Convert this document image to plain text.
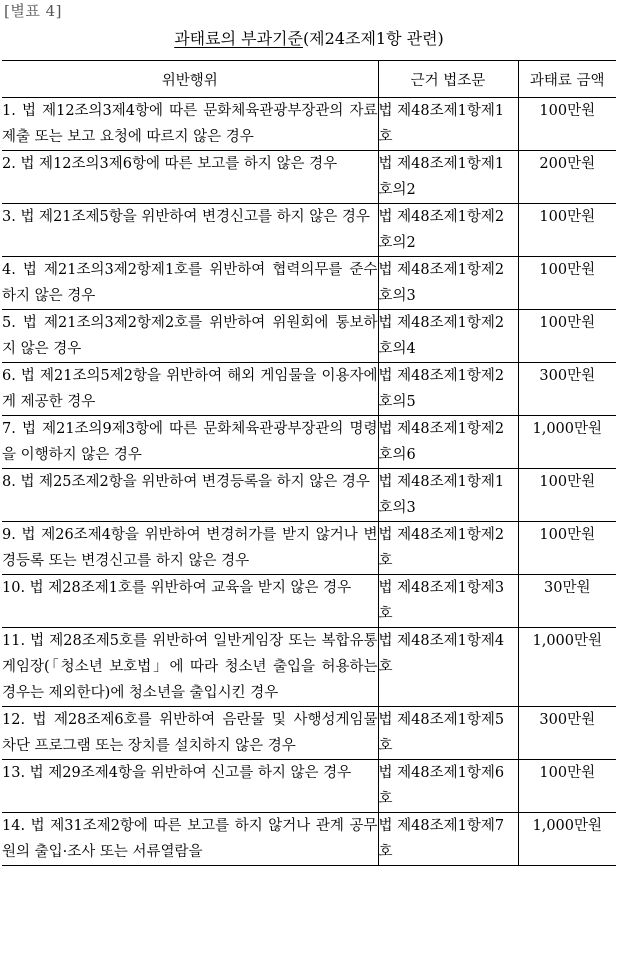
[별표 4]
과태료의 부과기준(제24조제1항 관련)
위반행위	근거 법조문	과태료 금액
1. 법 제12조의3제4항에 따른 문화체육관광부장관의 자료 제출 또는 보고 요청에 따르지 않은 경우	법 제48조제1항제1호	100만원
2. 법 제12조의3제6항에 따른 보고를 하지 않은 경우	법 제48조제1항제1호의2	200만원
3. 법 제21조제5항을 위반하여 변경신고를 하지 않은 경우	법 제48조제1항제2호의2	100만원
4. 법 제21조의3제2항제1호를 위반하여 협력의무를 준수하지 않은 경우	법 제48조제1항제2호의3	100만원
5. 법 제21조의3제2항제2호를 위반하여 위원회에 통보하지 않은 경우	법 제48조제1항제2호의4	100만원
6. 법 제21조의5제2항을 위반하여 해외 게임물을 이용자에게 제공한 경우	법 제48조제1항제2호의5	300만원
7. 법 제21조의9제3항에 따른 문화체육관광부장관의 명령을 이행하지 않은 경우	법 제48조제1항제2호의6	1,000만원
8. 법 제25조제2항을 위반하여 변경등록을 하지 않은 경우	법 제48조제1항제1호의3	100만원
9. 법 제26조제4항을 위반하여 변경허가를 받지 않거나 변경등록 또는 변경신고를 하지 않은 경우	법 제48조제1항제2호	100만원
10. 법 제28조제1호를 위반하여 교육을 받지 않은 경우	법 제48조제1항제3호	30만원
11. 법 제28조제5호를 위반하여 일반게임장 또는 복합유통게임장(「청소년 보호법」에 따라 청소년 출입을 허용하는 경우는 제외한다)에 청소년을 출입시킨 경우	법 제48조제1항제4호	1,000만원
12. 법 제28조제6호를 위반하여 음란물 및 사행성게임물 차단 프로그램 또는 장치를 설치하지 않은 경우	법 제48조제1항제5호	300만원
13. 법 제29조제4항을 위반하여 신고를 하지 않은 경우	법 제48조제1항제6호	100만원
14. 법 제31조제2항에 따른 보고를 하지 않거나 관계 공무원의 출입·조사 또는 서류열람을	법 제48조제1항제7호	1,000만원
